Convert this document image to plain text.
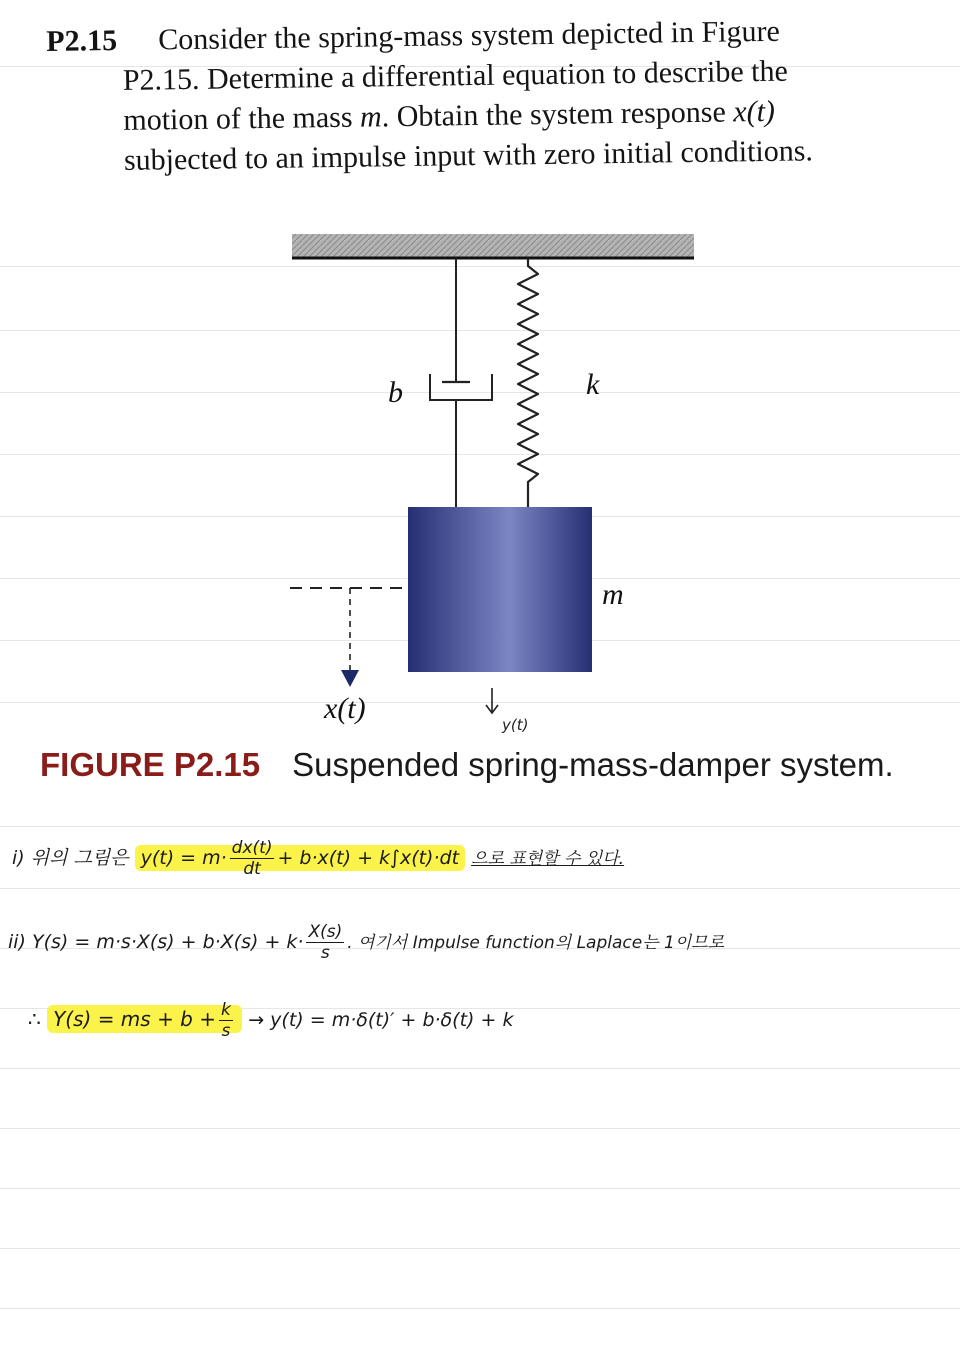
P2.15 Consider the spring-mass system depicted in Figure
P2.15. Determine a differential equation to describe the
motion of the mass m. Obtain the system response x(t)
subjected to an impulse input with zero initial conditions.
b	k
m
x(t)	y(t)
FIGURE P2.15 Suspended spring-mass-damper system.
i) 위의 그림은 $y(t) = m\cdot \frac{dx(t)}{dt} + b\cdot x(t) + k\int x(t)\cdot dt$ 으로 표현할 수 있다.
ii) $Y(s) = m\cdot s\cdot X(s) + b\cdot X(s) + k\cdot \frac{X(s)}{s}$ . 여기서 Impulse function의 Laplace는 1이므로
∴ Y(s) = ms + $b + \frac{k}{s} \to y(t) = m\cdot\delta(t)' + b\cdot\delta(t) + k$
